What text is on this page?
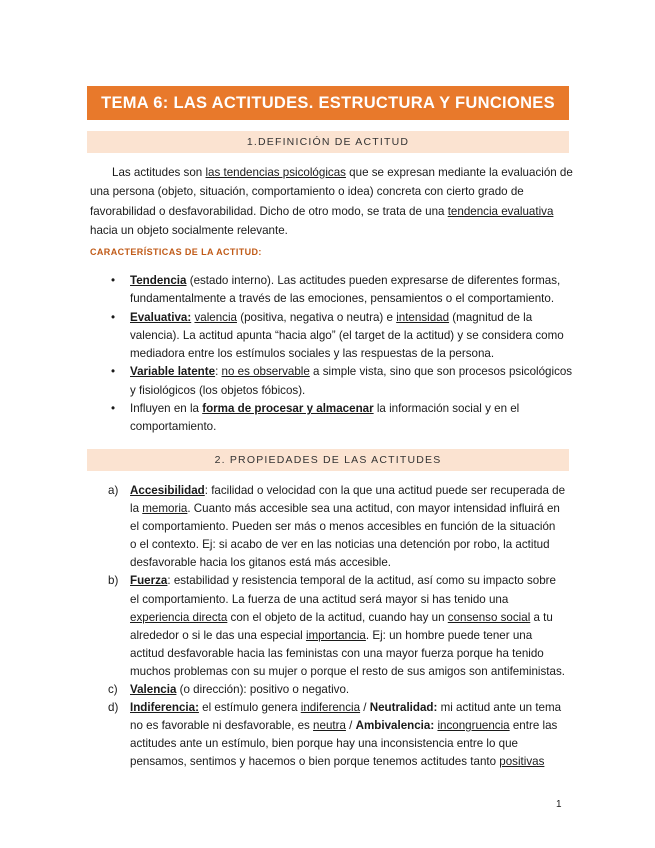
TEMA 6: LAS ACTITUDES. ESTRUCTURA Y FUNCIONES
1.DEFINICIÓN DE ACTITUD
Las actitudes son las tendencias psicológicas que se expresan mediante la evaluación de
una persona (objeto, situación, comportamiento o idea) concreta con cierto grado de
favorabilidad o desfavorabilidad. Dicho de otro modo, se trata de una tendencia evaluativa
hacia un objeto socialmente relevante.
CARACTERÍSTICAS DE LA ACTITUD:
• Tendencia (estado interno). Las actitudes pueden expresarse de diferentes formas,
fundamentalmente a través de las emociones, pensamientos o el comportamiento.
• Evaluativa: valencia (positiva, negativa o neutra) e intensidad (magnitud de la
valencia). La actitud apunta “hacia algo” (el target de la actitud) y se considera como
mediadora entre los estímulos sociales y las respuestas de la persona.
• Variable latente: no es observable a simple vista, sino que son procesos psicológicos
y fisiológicos (los objetos fóbicos).
• Influyen en la forma de procesar y almacenar la información social y en el
comportamiento.
2. PROPIEDADES DE LAS ACTITUDES
a) Accesibilidad: facilidad o velocidad con la que una actitud puede ser recuperada de
la memoria. Cuanto más accesible sea una actitud, con mayor intensidad influirá en
el comportamiento. Pueden ser más o menos accesibles en función de la situación
o el contexto. Ej: si acabo de ver en las noticias una detención por robo, la actitud
desfavorable hacia los gitanos está más accesible.
b) Fuerza: estabilidad y resistencia temporal de la actitud, así como su impacto sobre
el comportamiento. La fuerza de una actitud será mayor si has tenido una
experiencia directa con el objeto de la actitud, cuando hay un consenso social a tu
alrededor o si le das una especial importancia. Ej: un hombre puede tener una
actitud desfavorable hacia las feministas con una mayor fuerza porque ha tenido
muchos problemas con su mujer o porque el resto de sus amigos son antifeministas.
c) Valencia (o dirección): positivo o negativo.
d) Indiferencia: el estímulo genera indiferencia / Neutralidad: mi actitud ante un tema
no es favorable ni desfavorable, es neutra / Ambivalencia: incongruencia entre las
actitudes ante un estímulo, bien porque hay una inconsistencia entre lo que
pensamos, sentimos y hacemos o bien porque tenemos actitudes tanto positivas
1
